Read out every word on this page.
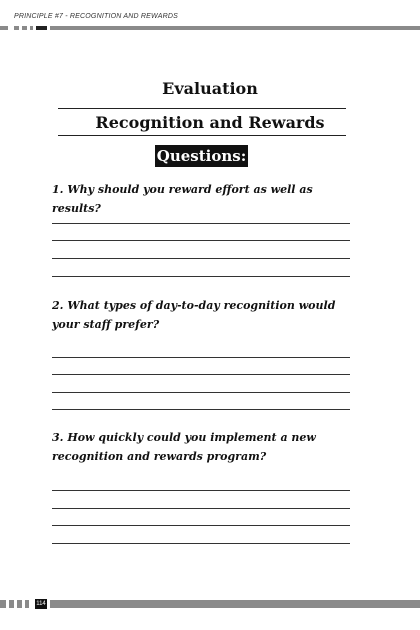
PRINCIPLE #7 - RECOGNITION AND REWARDS
Evaluation
Recognition and Rewards
Questions:
1. Why should you reward effort as well as results?
2. What types of day-to-day recognition would your staff prefer?
3. How quickly could you implement a new recognition and rewards program?
114
